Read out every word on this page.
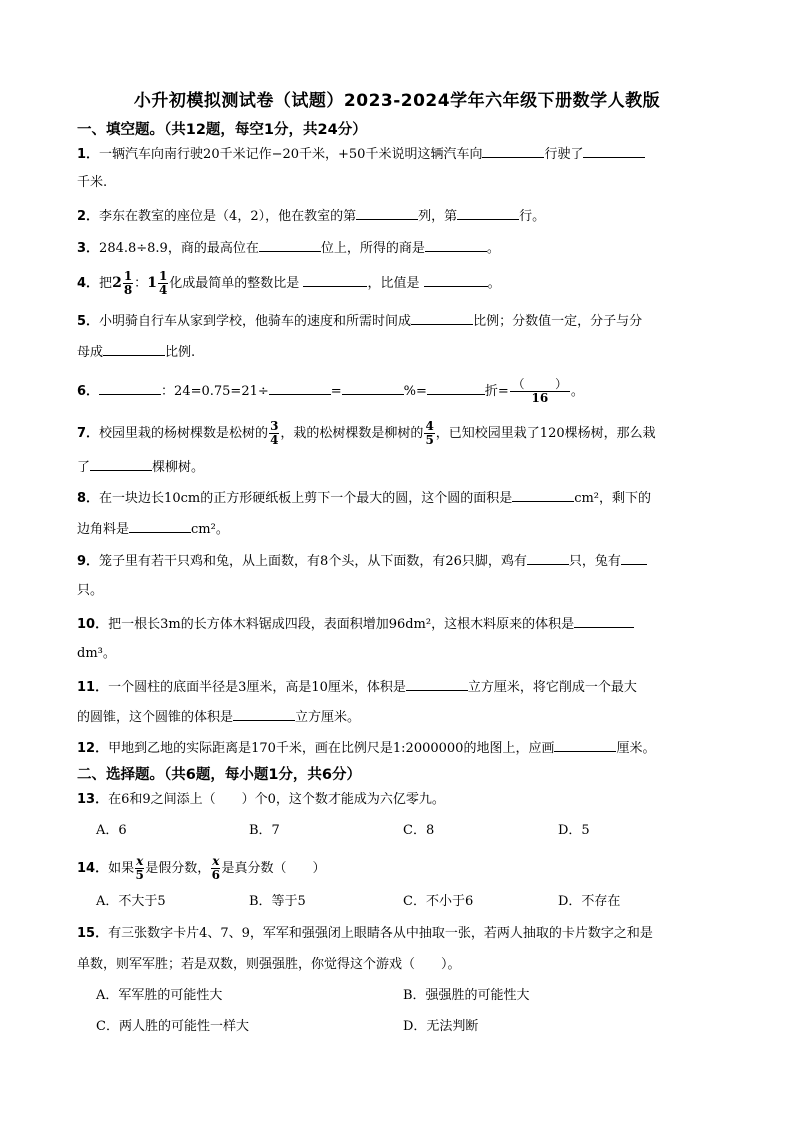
小升初模拟测试卷（试题）2023-2024学年六年级下册数学人教版
一、填空题。（共12题，每空1分，共24分）
1．一辆汽车向南行驶20千米记作−20千米，+50千米说明这辆汽车向	行驶了
千米.
2．李东在教室的座位是（4，2），他在教室的第	列，第	行。
3．284.8÷8.9，商的最高位在	位上，所得的商是	。
4．把$2 \frac{1}{8}$ ：$1 \frac{1}{4}$ 化成最简单的整数比是	，比值是	。
5．小明骑自行车从家到学校，他骑车的速度和所需时间成	比例；分数值一定，分子与分
母成	比例.
6．	：24=0.75=21÷	=	%=	折= （	）
16 。
7．校园里栽的杨树棵数是松树的 $\frac{3}{4}$ ，栽的松树棵数是柳树的 $\frac{4}{5}$ ，已知校园里栽了120棵杨树，那么栽
了	棵柳树。
8．在一块边长10cm的正方形硬纸板上剪下一个最大的圆，这个圆的面积是	cm²，剩下的
边角料是	cm²。
9．笼子里有若干只鸡和兔，从上面数，有8个头，从下面数，有26只脚，鸡有	只，兔有
只。
10．把一根长3m的长方体木料锯成四段，表面积增加96dm²，这根木料原来的体积是
dm³。
11．一个圆柱的底面半径是3厘米，高是10厘米，体积是	立方厘米，将它削成一个最大
的圆锥，这个圆锥的体积是	立方厘米。
12．甲地到乙地的实际距离是170千米，画在比例尺是1:2000000的地图上，应画	厘米。
二、选择题。（共6题，每小题1分，共6分）
13．在6和9之间添上（　　）个0，这个数才能成为六亿零九。
A．6	B．7	C．8	D．5
14．如果 $\frac{x}{5}$ 是假分数， $\frac{x}{6}$ 是真分数（　　）
A．不大于5	B．等于5	C．不小于6	D．不存在
15．有三张数字卡片4、7、9，军军和强强闭上眼睛各从中抽取一张，若两人抽取的卡片数字之和是
单数，则军军胜；若是双数，则强强胜，你觉得这个游戏（　　）。
A．军军胜的可能性大	B．强强胜的可能性大
C．两人胜的可能性一样大	D．无法判断
